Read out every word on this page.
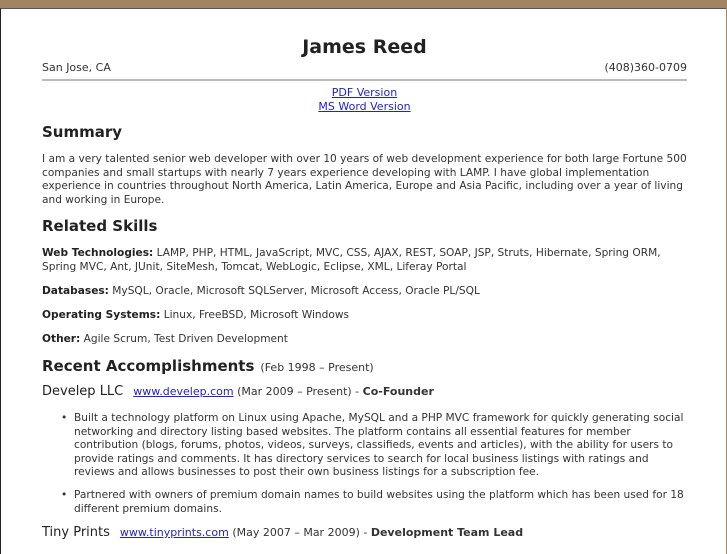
James Reed
San Jose, CA	(408)360-0709
PDF Version
MS Word Version
Summary
I am a very talented senior web developer with over 10 years of web development experience for both large Fortune 500 companies and small startups with nearly 7 years experience developing with LAMP. I have global implementation experience in countries throughout North America, Latin America, Europe and Asia Pacific, including over a year of living and working in Europe.
Related Skills
Web Technologies: LAMP, PHP, HTML, JavaScript, MVC, CSS, AJAX, REST, SOAP, JSP, Struts, Hibernate, Spring ORM, Spring MVC, Ant, JUnit, SiteMesh, Tomcat, WebLogic, Eclipse, XML, Liferay Portal
Databases: MySQL, Oracle, Microsoft SQLServer, Microsoft Access, Oracle PL/SQL
Operating Systems: Linux, FreeBSD, Microsoft Windows
Other: Agile Scrum, Test Driven Development
Recent Accomplishments (Feb 1998 – Present)
Develep LLC www.develep.com (Mar 2009 – Present) - Co-Founder
• Built a technology platform on Linux using Apache, MySQL and a PHP MVC framework for quickly generating social networking and directory listing based websites. The platform contains all essential features for member contribution (blogs, forums, photos, videos, surveys, classifieds, events and articles), with the ability for users to provide ratings and comments. It has directory services to search for local business listings with ratings and reviews and allows businesses to post their own business listings for a subscription fee.
• Partnered with owners of premium domain names to build websites using the platform which has been used for 18 different premium domains.
Tiny Prints www.tinyprints.com (May 2007 – Mar 2009) - Development Team Lead
